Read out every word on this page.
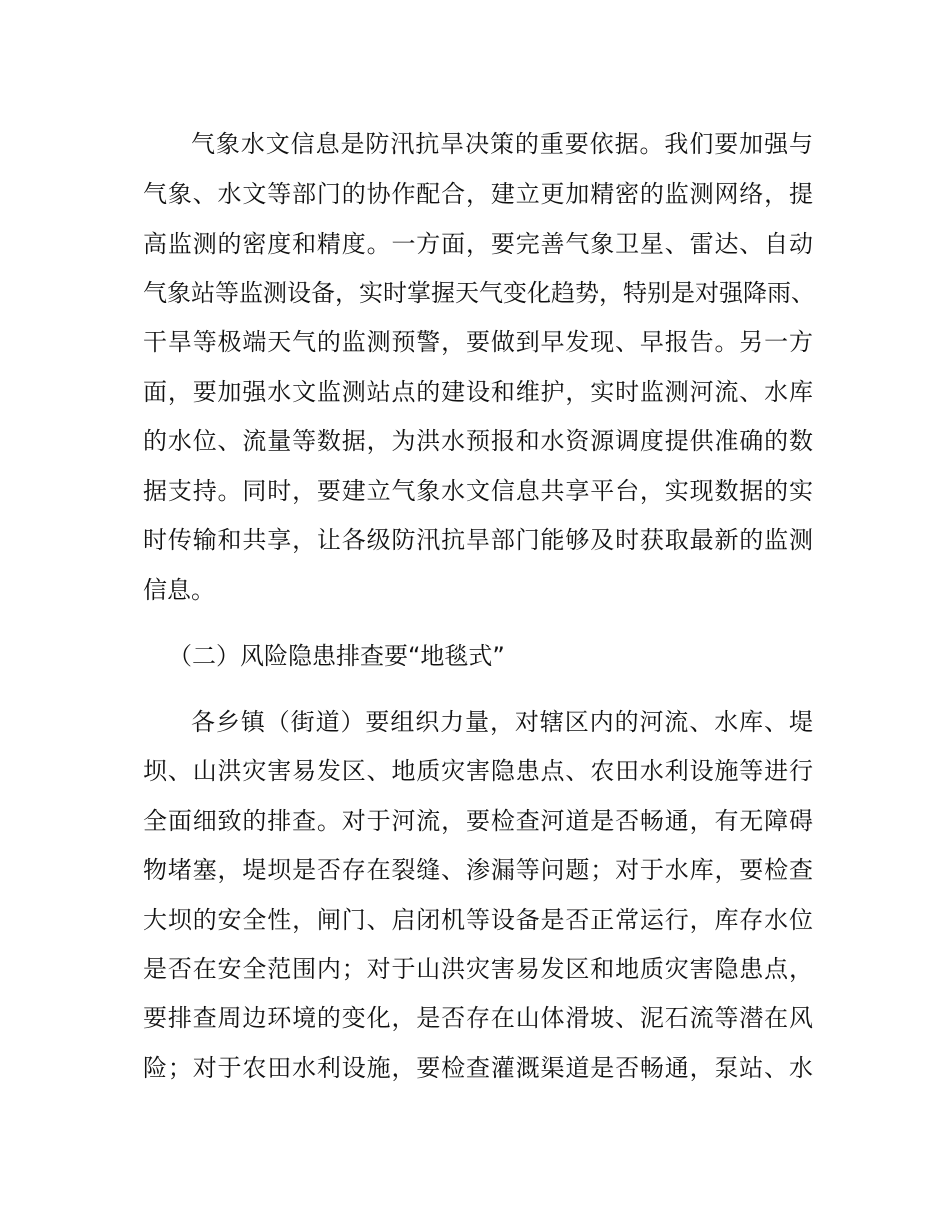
气象水文信息是防汛抗旱决策的重要依据。我们要加强与
气象、水文等部门的协作配合，建立更加精密的监测网络，提
高监测的密度和精度。一方面，要完善气象卫星、雷达、自动
气象站等监测设备，实时掌握天气变化趋势，特别是对强降雨、
干旱等极端天气的监测预警，要做到早发现、早报告。另一方
面，要加强水文监测站点的建设和维护，实时监测河流、水库
的水位、流量等数据，为洪水预报和水资源调度提供准确的数
据支持。同时，要建立气象水文信息共享平台，实现数据的实
时传输和共享，让各级防汛抗旱部门能够及时获取最新的监测
信息。
（二）风险隐患排查要“地毯式”
各乡镇（街道）要组织力量，对辖区内的河流、水库、堤
坝、山洪灾害易发区、地质灾害隐患点、农田水利设施等进行
全面细致的排查。对于河流，要检查河道是否畅通，有无障碍
物堵塞，堤坝是否存在裂缝、渗漏等问题；对于水库，要检查
大坝的安全性，闸门、启闭机等设备是否正常运行，库存水位
是否在安全范围内；对于山洪灾害易发区和地质灾害隐患点，
要排查周边环境的变化，是否存在山体滑坡、泥石流等潜在风
险；对于农田水利设施，要检查灌溉渠道是否畅通，泵站、水
